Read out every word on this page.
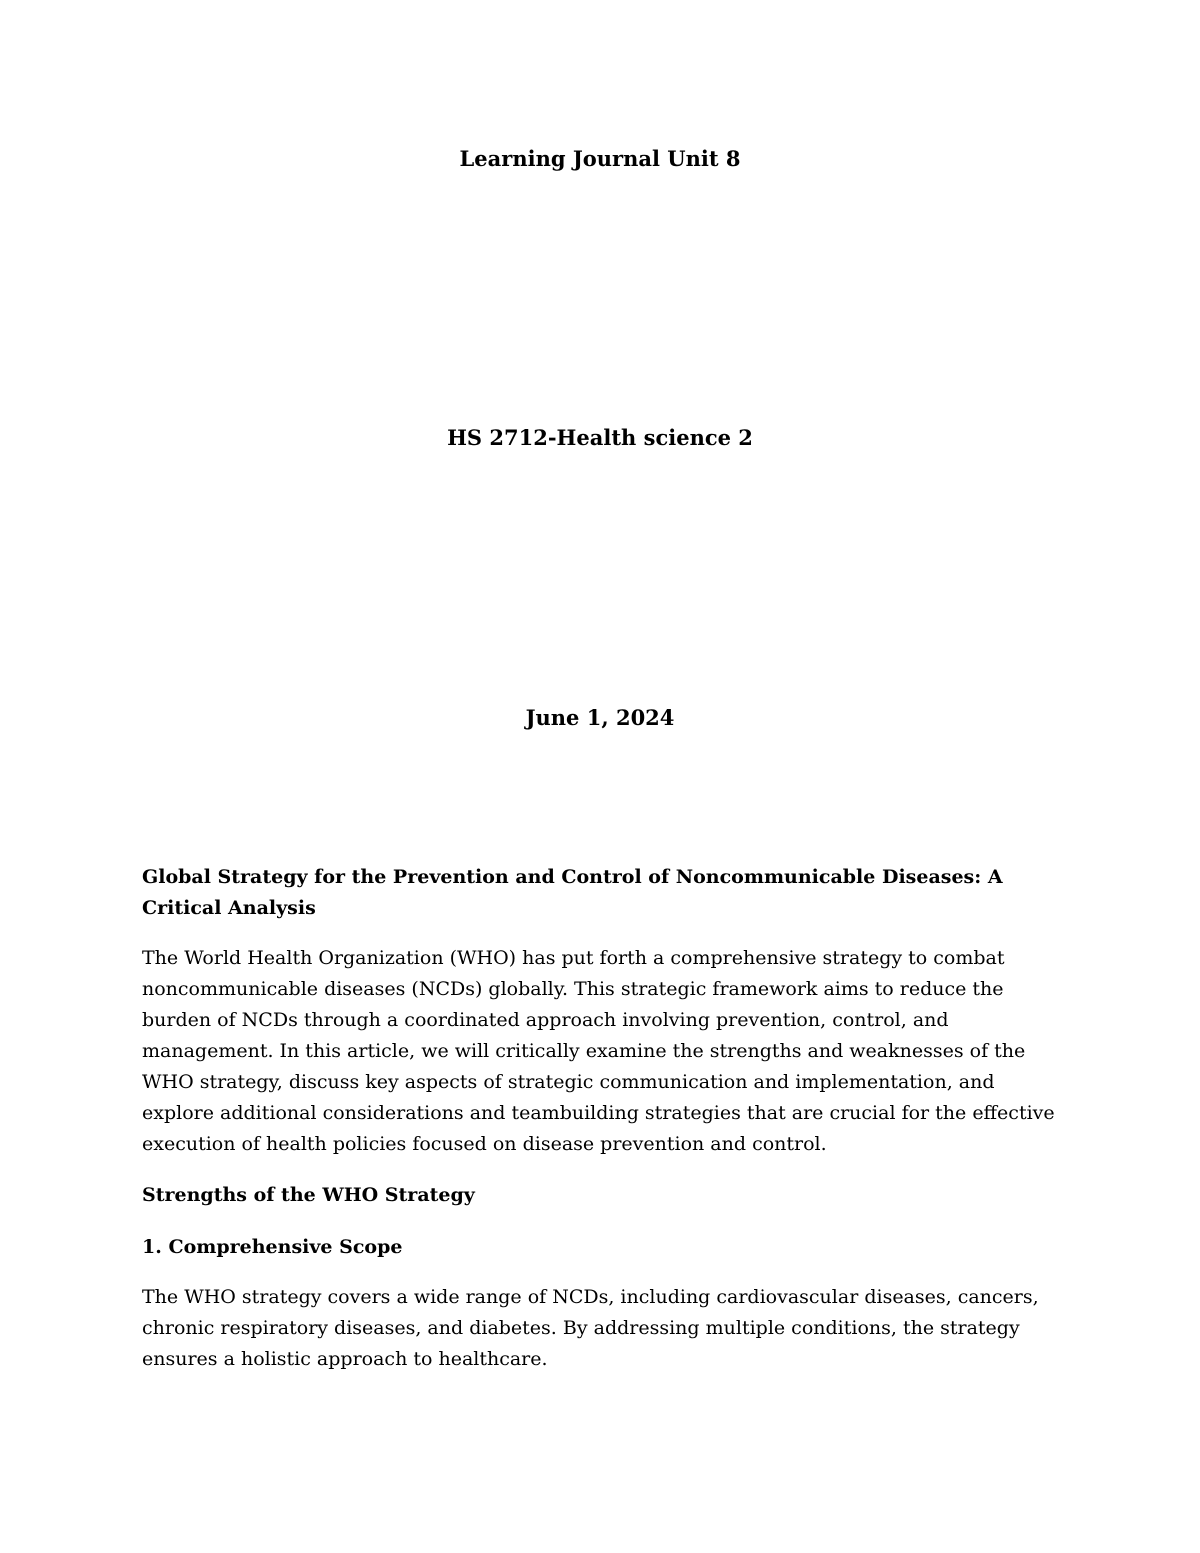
Learning Journal Unit 8

HS 2712-Health science 2

June 1, 2024

Global Strategy for the Prevention and Control of Noncommunicable Diseases: A Critical Analysis

The World Health Organization (WHO) has put forth a comprehensive strategy to combat noncommunicable diseases (NCDs) globally. This strategic framework aims to reduce the burden of NCDs through a coordinated approach involving prevention, control, and management. In this article, we will critically examine the strengths and weaknesses of the WHO strategy, discuss key aspects of strategic communication and implementation, and explore additional considerations and teambuilding strategies that are crucial for the effective execution of health policies focused on disease prevention and control.

Strengths of the WHO Strategy

1. Comprehensive Scope

The WHO strategy covers a wide range of NCDs, including cardiovascular diseases, cancers, chronic respiratory diseases, and diabetes. By addressing multiple conditions, the strategy ensures a holistic approach to healthcare.
